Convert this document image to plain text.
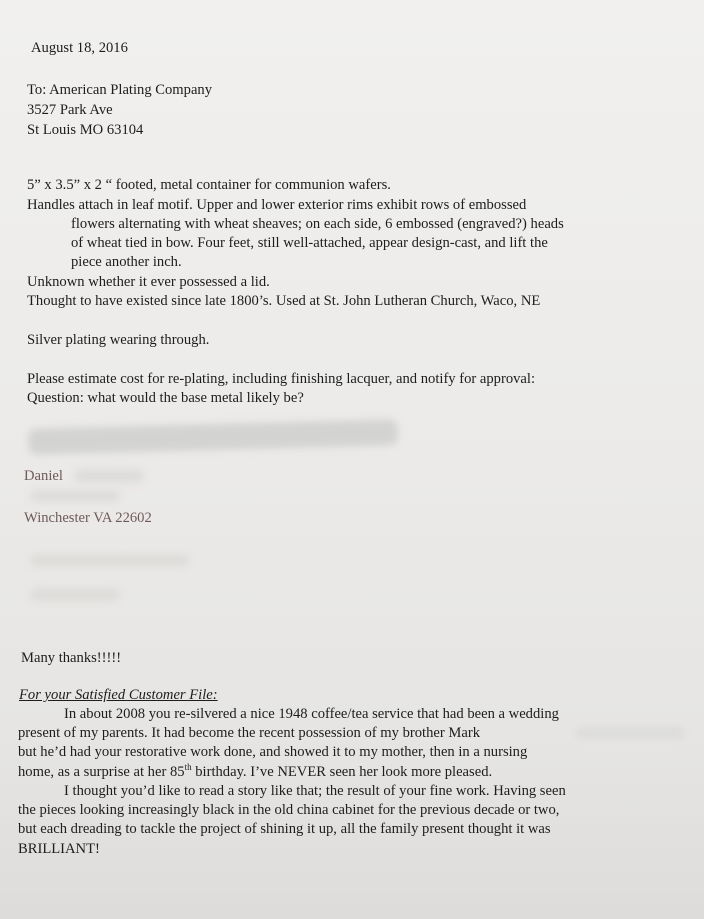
August 18, 2016
To: American Plating Company
3527 Park Ave
St Louis MO 63104
5” x 3.5” x 2 “ footed, metal container for communion wafers.
Handles attach in leaf motif. Upper and lower exterior rims exhibit rows of embossed
flowers alternating with wheat sheaves; on each side, 6 embossed (engraved?) heads
of wheat tied in bow. Four feet, still well-attached, appear design-cast, and lift the
piece another inch.
Unknown whether it ever possessed a lid.
Thought to have existed since late 1800’s. Used at St. John Lutheran Church, Waco, NE
Silver plating wearing through.
Please estimate cost for re-plating, including finishing lacquer, and notify for approval:
Question: what would the base metal likely be?
Daniel
Winchester VA 22602
Many thanks!!!!!
For your Satisfied Customer File:
In about 2008 you re-silvered a nice 1948 coffee/tea service that had been a wedding
present of my parents. It had become the recent possession of my brother Mark
but he’d had your restorative work done, and showed it to my mother, then in a nursing
home, as a surprise at her 85th birthday. I’ve NEVER seen her look more pleased.
I thought you’d like to read a story like that; the result of your fine work. Having seen
the pieces looking increasingly black in the old china cabinet for the previous decade or two,
but each dreading to tackle the project of shining it up, all the family present thought it was
BRILLIANT!
